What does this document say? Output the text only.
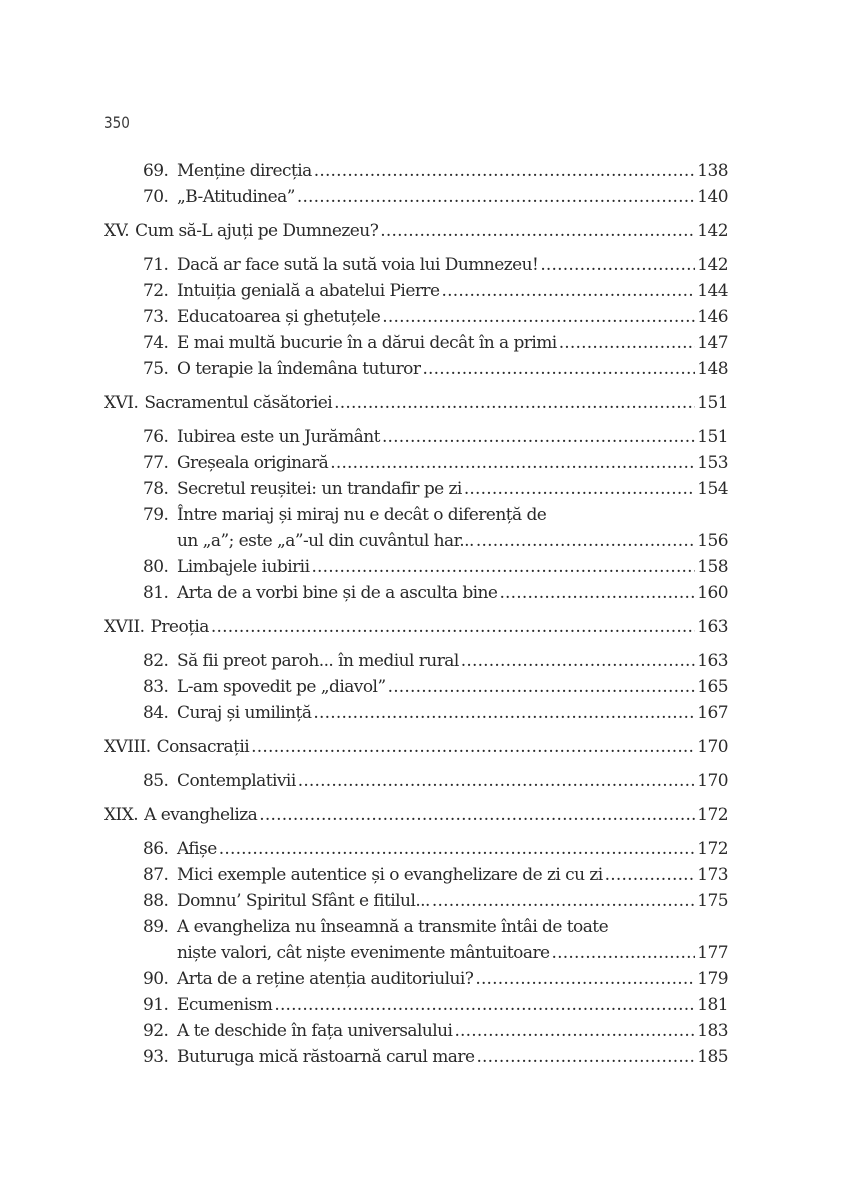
350
69. Menține direcția . . .	138
70. „B-Atitudinea” . . .	140
XV. Cum să-L ajuți pe Dumnezeu? . . .	142
71. Dacă ar face sută la sută voia lui Dumnezeu! . . .	142
72. Intuiția genială a abatelui Pierre . . .	144
73. Educatoarea și ghetuțele . . .	146
74. E mai multă bucurie în a dărui decât în a primi . . .	147
75. O terapie la îndemâna tuturor . . .	148
XVI. Sacramentul căsătoriei . . .	151
76. Iubirea este un Jurământ . . .	151
77. Greșeala originară . . .	153
78. Secretul reușitei: un trandafir pe zi . . .	154
79. Între mariaj și miraj nu e decât o diferență de
un „a”; este „a”-ul din cuvântul har... . . .	156
80. Limbajele iubirii . . .	158
81. Arta de a vorbi bine și de a asculta bine . . .	160
XVII. Preoția . . .	163
82. Să fii preot paroh... în mediul rural . . .	163
83. L-am spovedit pe „diavol” . . .	165
84. Curaj și umilință . . .	167
XVIII. Consacrații . . .	170
85. Contemplativii . . .	170
XIX. A evangheliza . . .	172
86. Afișe . . .	172
87. Mici exemple autentice și o evanghelizare de zi cu zi . . .	173
88. Domnu’ Spiritul Sfânt e fitilul... . . .	175
89. A evangheliza nu înseamnă a transmite întâi de toate
niște valori, cât niște evenimente mântuitoare . . .	177
90. Arta de a reține atenția auditoriului? . . .	179
91. Ecumenism . . .	181
92. A te deschide în fața universalului . . .	183
93. Buturuga mică răstoarnă carul mare . . .	185
